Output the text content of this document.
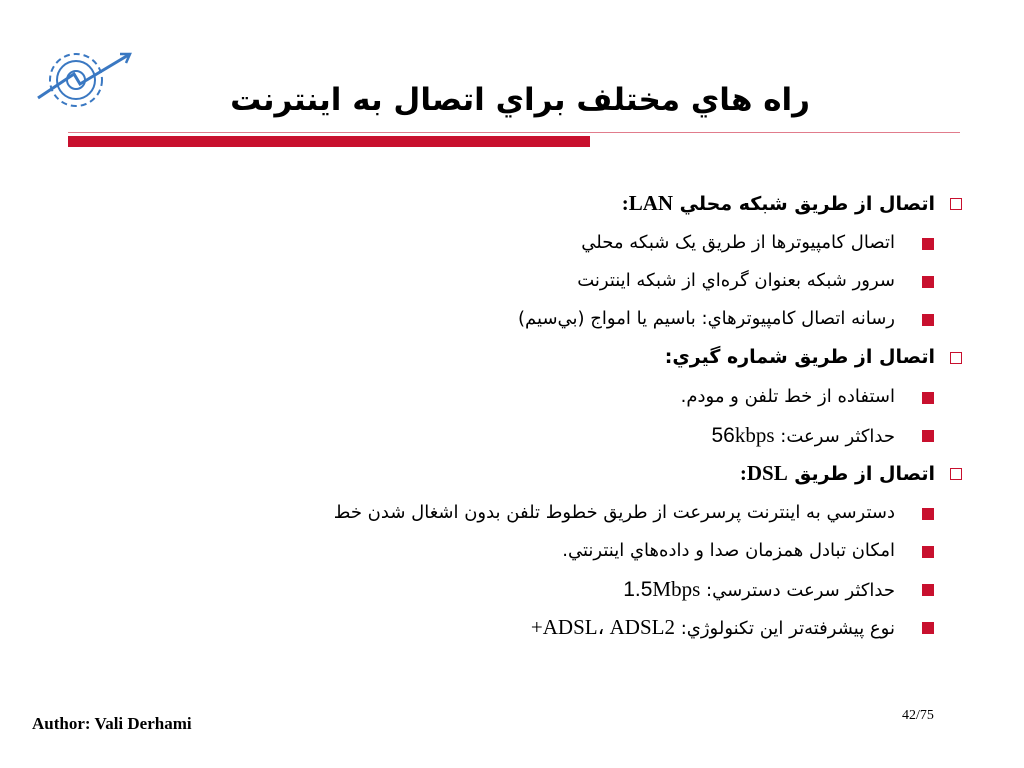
راه هاي مختلف براي اتصال به اينترنت
اتصال از طريق شبکه محلي LAN:
اتصال کامپيوترها از طريق يک شبکه محلي
سرور شبکه بعنوان گره‌اي از شبکه اينترنت
رسانه اتصال کامپيوترهاي: باسيم يا امواج (بي‌سيم)
اتصال از طريق شماره گيري:
استفاده از خط تلفن و مودم.
حداکثر سرعت: 56kbps
اتصال از طريق DSL:
دسترسي به اينترنت پرسرعت از طريق خطوط تلفن بدون اشغال شدن خط
امکان تبادل همزمان صدا و داده‌هاي اينترنتي.
حداکثر سرعت دسترسي: 1.5Mbps
نوع پيشرفته‌تر اين تکنولوژي: ADSL، ADSL2+
Author: Vali Derhami	42/75
